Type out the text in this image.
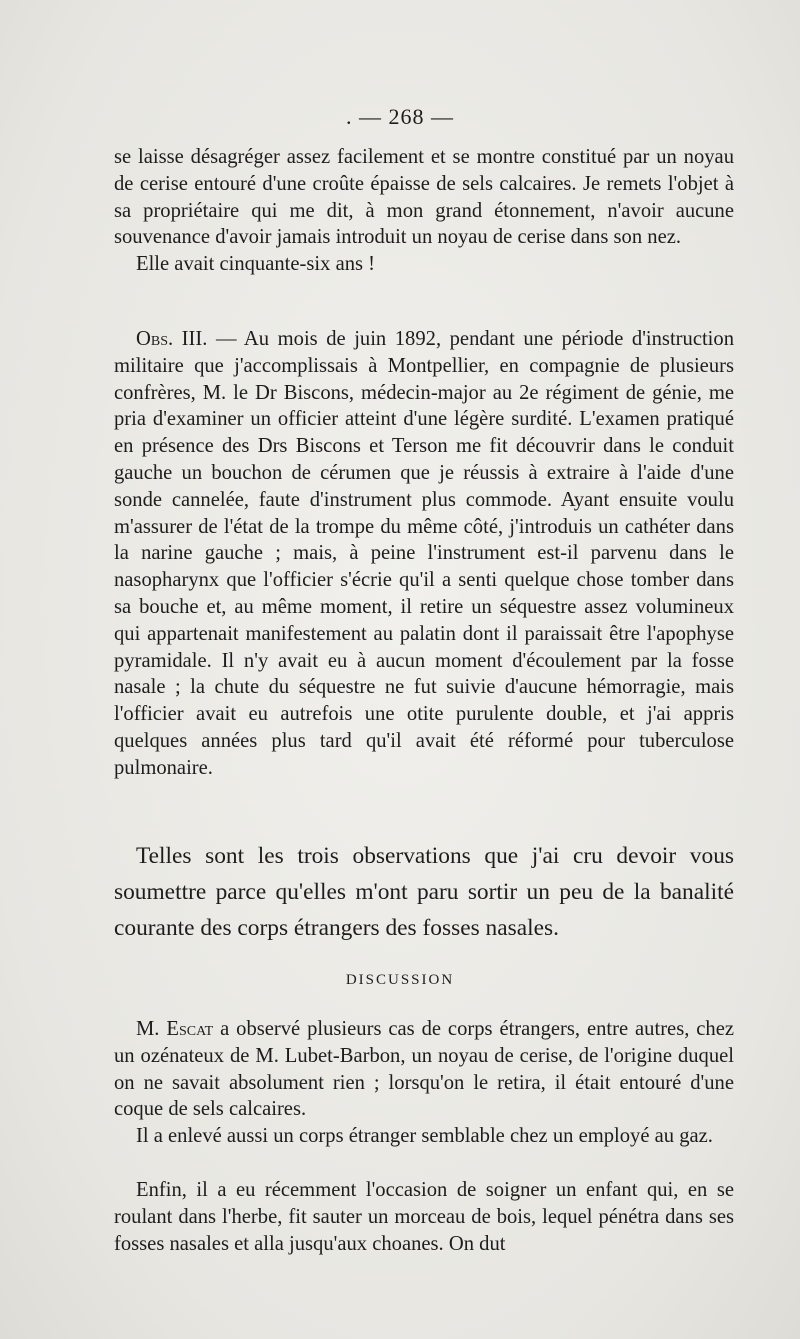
. — 268 —

se laisse désagréger assez facilement et se montre constitué par un noyau de cerise entouré d'une croûte épaisse de sels calcaires. Je remets l'objet à sa propriétaire qui me dit, à mon grand étonnement, n'avoir aucune souvenance d'avoir jamais introduit un noyau de cerise dans son nez.

Elle avait cinquante-six ans !

Obs. III. — Au mois de juin 1892, pendant une période d'instruction militaire que j'accomplissais à Montpellier, en compagnie de plusieurs confrères, M. le Dr Biscons, médecin-major au 2e régiment de génie, me pria d'examiner un officier atteint d'une légère surdité. L'examen pratiqué en présence des Drs Biscons et Terson me fit découvrir dans le conduit gauche un bouchon de cérumen que je réussis à extraire à l'aide d'une sonde cannelée, faute d'instrument plus commode. Ayant ensuite voulu m'assurer de l'état de la trompe du même côté, j'introduis un cathéter dans la narine gauche ; mais, à peine l'instrument est-il parvenu dans le nasopharynx que l'officier s'écrie qu'il a senti quelque chose tomber dans sa bouche et, au même moment, il retire un séquestre assez volumineux qui appartenait manifestement au palatin dont il paraissait être l'apophyse pyramidale. Il n'y avait eu à aucun moment d'écoulement par la fosse nasale ; la chute du séquestre ne fut suivie d'aucune hémorragie, mais l'officier avait eu autrefois une otite purulente double, et j'ai appris quelques années plus tard qu'il avait été réformé pour tuberculose pulmonaire.

Telles sont les trois observations que j'ai cru devoir vous soumettre parce qu'elles m'ont paru sortir un peu de la banalité courante des corps étrangers des fosses nasales.

DISCUSSION

M. Escat a observé plusieurs cas de corps étrangers, entre autres, chez un ozénateux de M. Lubet-Barbon, un noyau de cerise, de l'origine duquel on ne savait absolument rien ; lorsqu'on le retira, il était entouré d'une coque de sels calcaires.

Il a enlevé aussi un corps étranger semblable chez un employé au gaz.

Enfin, il a eu récemment l'occasion de soigner un enfant qui, en se roulant dans l'herbe, fit sauter un morceau de bois, lequel pénétra dans ses fosses nasales et alla jusqu'aux choanes. On dut
